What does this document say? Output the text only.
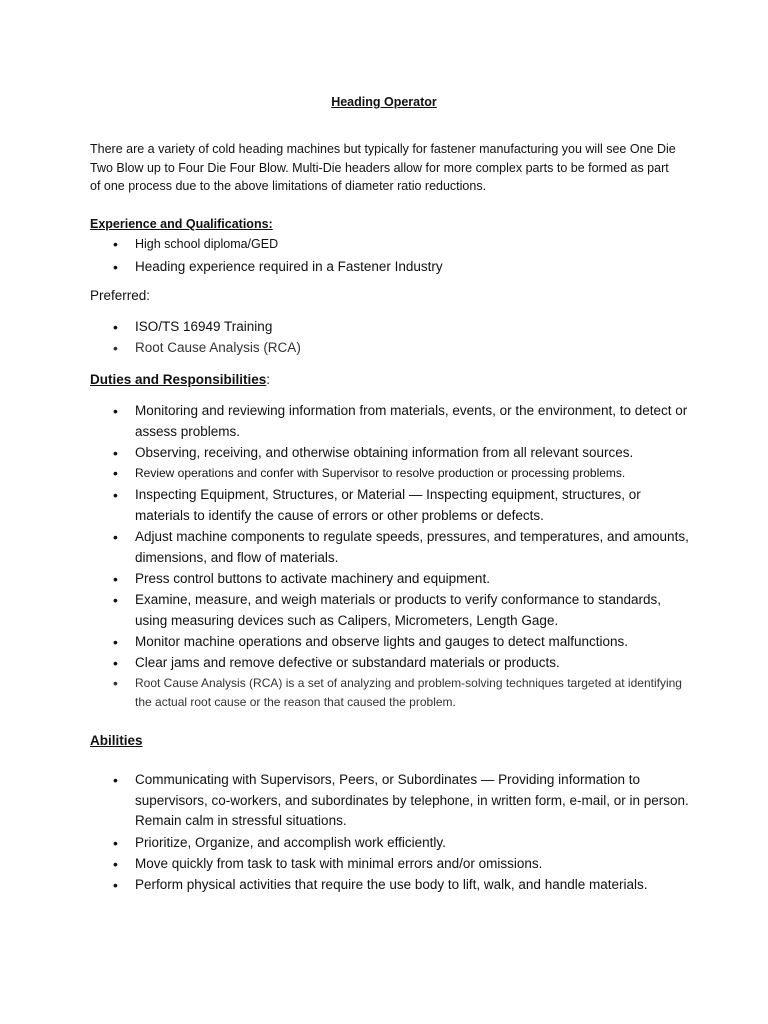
Heading Operator
There are a variety of cold heading machines but typically for fastener manufacturing you will see One Die Two Blow up to Four Die Four Blow. Multi-Die headers allow for more complex parts to be formed as part of one process due to the above limitations of diameter ratio reductions.
Experience and Qualifications:
• High school diploma/GED
• Heading experience required in a Fastener Industry
Preferred:
• ISO/TS 16949 Training
• Root Cause Analysis (RCA)
Duties and Responsibilities:
• Monitoring and reviewing information from materials, events, or the environment, to detect or assess problems.
• Observing, receiving, and otherwise obtaining information from all relevant sources.
• Review operations and confer with Supervisor to resolve production or processing problems.
• Inspecting Equipment, Structures, or Material — Inspecting equipment, structures, or materials to identify the cause of errors or other problems or defects.
• Adjust machine components to regulate speeds, pressures, and temperatures, and amounts, dimensions, and flow of materials.
• Press control buttons to activate machinery and equipment.
• Examine, measure, and weigh materials or products to verify conformance to standards, using measuring devices such as Calipers, Micrometers, Length Gage.
• Monitor machine operations and observe lights and gauges to detect malfunctions.
• Clear jams and remove defective or substandard materials or products.
• Root Cause Analysis (RCA) is a set of analyzing and problem-solving techniques targeted at identifying the actual root cause or the reason that caused the problem.
Abilities
• Communicating with Supervisors, Peers, or Subordinates — Providing information to supervisors, co-workers, and subordinates by telephone, in written form, e-mail, or in person. Remain calm in stressful situations.
• Prioritize, Organize, and accomplish work efficiently.
• Move quickly from task to task with minimal errors and/or omissions.
• Perform physical activities that require the use body to lift, walk, and handle materials.
